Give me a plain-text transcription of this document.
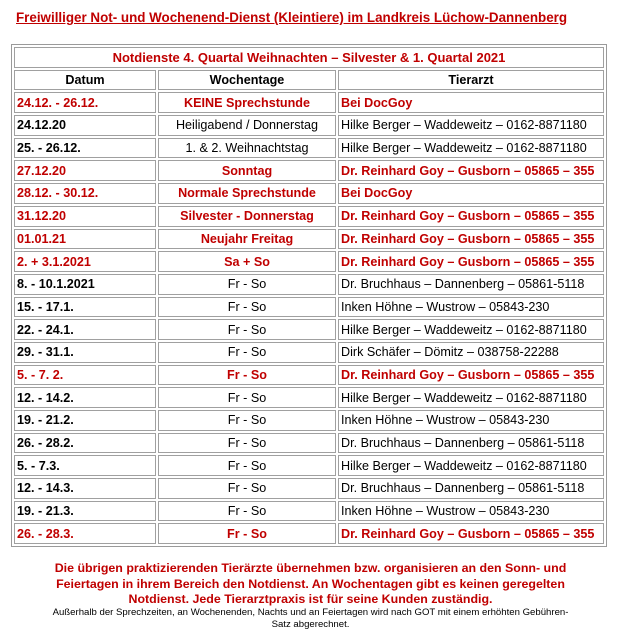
Freiwilliger Not- und Wochenend-Dienst (Kleintiere) im Landkreis Lüchow-Dannenberg
Notdienste 4. Quartal Weihnachten – Silvester & 1. Quartal 2021		
Datum	Wochentage	Tierarzt
24.12. - 26.12.	KEINE Sprechstunde	Bei DocGoy
24.12.20	Heiligabend / Donnerstag	Hilke Berger – Waddeweitz – 0162-8871180
25. - 26.12.	1. & 2. Weihnachtstag	Hilke Berger – Waddeweitz – 0162-8871180
27.12.20	Sonntag	Dr. Reinhard Goy – Gusborn – 05865 – 355
28.12. - 30.12.	Normale Sprechstunde	Bei DocGoy
31.12.20	Silvester - Donnerstag	Dr. Reinhard Goy – Gusborn – 05865 – 355
01.01.21	Neujahr Freitag	Dr. Reinhard Goy – Gusborn – 05865 – 355
2. + 3.1.2021	Sa + So	Dr. Reinhard Goy – Gusborn – 05865 – 355
8. - 10.1.2021	Fr - So	Dr. Bruchhaus – Dannenberg – 05861-5118
15. - 17.1.	Fr - So	Inken Höhne – Wustrow – 05843-230
22. - 24.1.	Fr - So	Hilke Berger – Waddeweitz – 0162-8871180
29. - 31.1.	Fr - So	Dirk Schäfer – Dömitz – 038758-22288
5. - 7. 2.	Fr - So	Dr. Reinhard Goy – Gusborn – 05865 – 355
12. - 14.2.	Fr - So	Hilke Berger – Waddeweitz – 0162-8871180
19. - 21.2.	Fr - So	Inken Höhne – Wustrow – 05843-230
26. - 28.2.	Fr - So	Dr. Bruchhaus – Dannenberg – 05861-5118
5. - 7.3.	Fr - So	Hilke Berger – Waddeweitz – 0162-8871180
12. - 14.3.	Fr - So	Dr. Bruchhaus – Dannenberg – 05861-5118
19. - 21.3.	Fr - So	Inken Höhne – Wustrow – 05843-230
26. - 28.3.	Fr - So	Dr. Reinhard Goy – Gusborn – 05865 – 355
Die übrigen praktizierenden Tierärzte übernehmen bzw. organisieren an den Sonn- und
Feiertagen in ihrem Bereich den Notdienst. An Wochentagen gibt es keinen geregelten
Notdienst. Jede Tierarztpraxis ist für seine Kunden zuständig.
Außerhalb der Sprechzeiten, an Wochenenden, Nachts und an Feiertagen wird nach GOT mit einem erhöhten Gebühren-
Satz abgerechnet.
